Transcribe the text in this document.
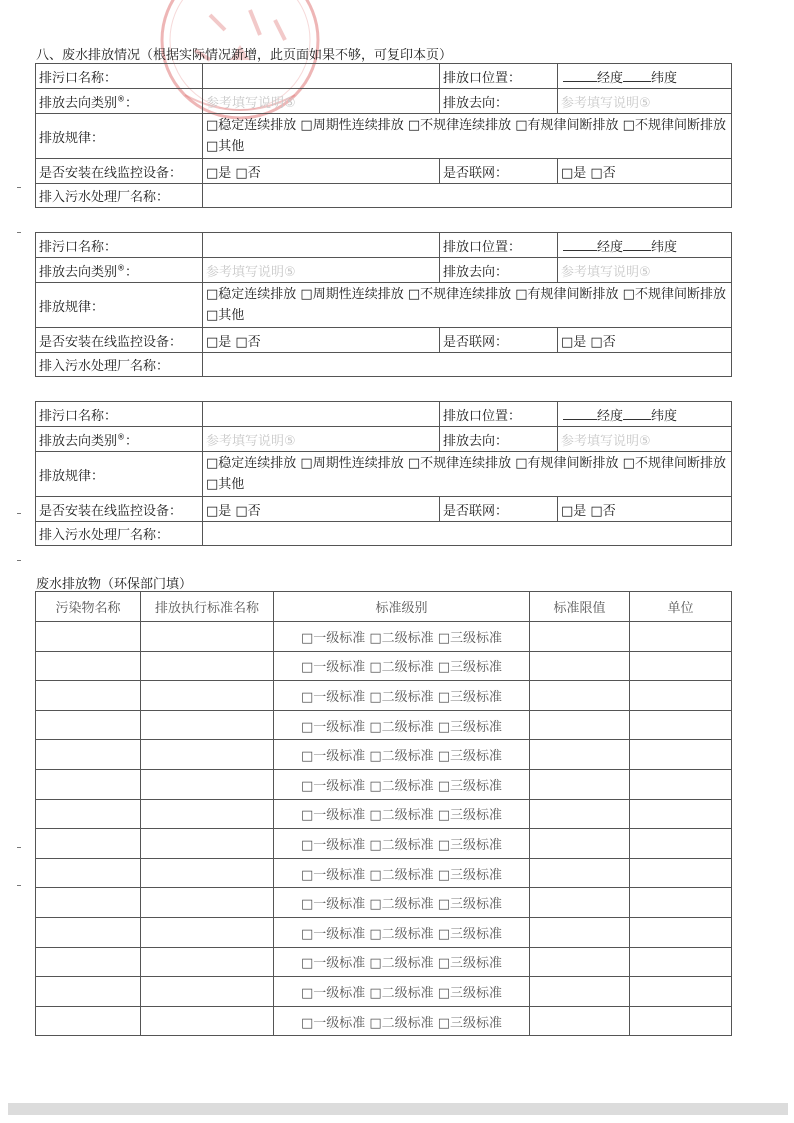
八、废水排放情况（根据实际情况新增，此页面如果不够，可复印本页）
排污口名称：		排放口位置：	经度 纬度
排放去向类别®：	参考填写说明⑤	排放去向：	参考填写说明⑤
排放规律：	□稳定连续排放 □周期性连续排放 □不规律连续排放 □有规律间断排放 □不规律间断排放 □其他		
是否安装在线监控设备：	□是 □否	是否联网：	□是 □否
排入污水处理厂名称：			
排污口名称：		排放口位置：	经度 纬度
排放去向类别®：	参考填写说明⑤	排放去向：	参考填写说明⑤
排放规律：	□稳定连续排放 □周期性连续排放 □不规律连续排放 □有规律间断排放 □不规律间断排放 □其他		
是否安装在线监控设备：	□是 □否	是否联网：	□是 □否
排入污水处理厂名称：			
排污口名称：		排放口位置：	经度 纬度
排放去向类别®：	参考填写说明⑤	排放去向：	参考填写说明⑤
排放规律：	□稳定连续排放 □周期性连续排放 □不规律连续排放 □有规律间断排放 □不规律间断排放 □其他		
是否安装在线监控设备：	□是 □否	是否联网：	□是 □否
排入污水处理厂名称：			
废水排放物（环保部门填）
污染物名称	排放执行标准名称	标准级别	标准限值	单位
		□一级标准 □二级标准 □三级标准		
		□一级标准 □二级标准 □三级标准		
		□一级标准 □二级标准 □三级标准		
		□一级标准 □二级标准 □三级标准		
		□一级标准 □二级标准 □三级标准		
		□一级标准 □二级标准 □三级标准		
		□一级标准 □二级标准 □三级标准		
		□一级标准 □二级标准 □三级标准		
		□一级标准 □二级标准 □三级标准		
		□一级标准 □二级标准 □三级标准		
		□一级标准 □二级标准 □三级标准		
		□一级标准 □二级标准 □三级标准		
		□一级标准 □二级标准 □三级标准		
		□一级标准 □二级标准 □三级标准		
